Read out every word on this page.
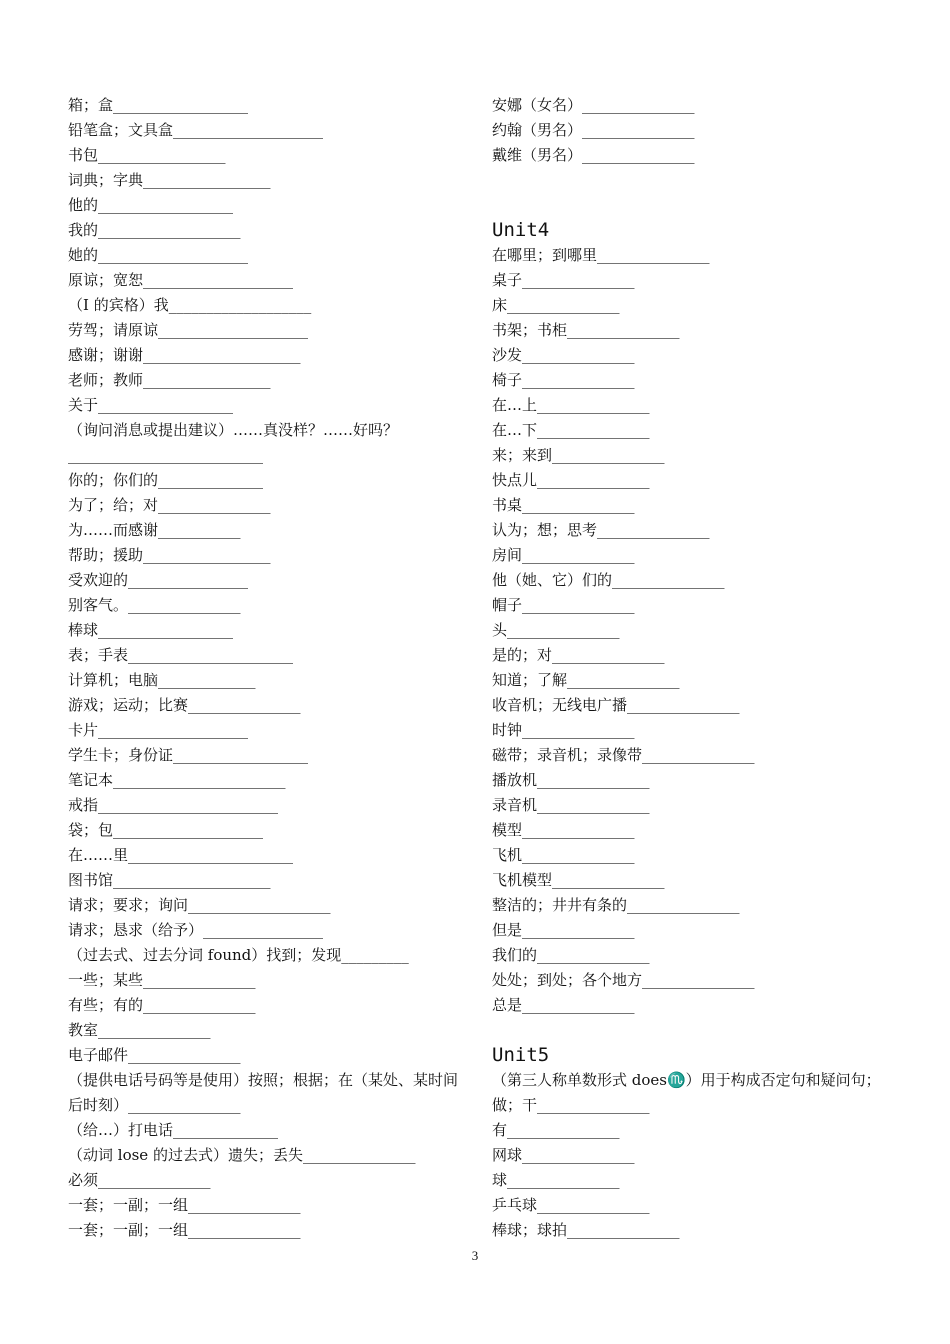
箱；盒__________________
铅笔盒；文具盒____________________
书包_________________
词典；字典_________________
他的__________________
我的___________________
她的____________________
原谅；宽恕____________________
（I 的宾格）我___________________
劳驾；请原谅____________________
感谢；谢谢_____________________
老师；教师_________________
关于__________________
（询问消息或提出建议）……真没样？……好吗？
__________________________
你的；你们的______________
为了；给；对_______________
为……而感谢___________
帮助；援助_________________
受欢迎的________________
别客气。_______________
棒球__________________
表；手表______________________
计算机；电脑_____________
游戏；运动；比赛_______________
卡片____________________
学生卡；身份证__________________
笔记本_______________________
戒指________________________
袋；包____________________
在……里______________________
图书馆_____________________
请求；要求；询问___________________
请求；恳求（给予）________________
（过去式、过去分词 found）找到；发现_________
一些；某些_______________
有些；有的_______________
教室_______________
电子邮件_______________
（提供电话号码等是使用）按照；根据；在（某处、某时间后时刻）_______________
（给…）打电话______________
（动词 lose 的过去式）遗失；丢失_______________
必须_______________
一套；一副；一组_______________
一套；一副；一组_______________
安娜（女名）_______________
约翰（男名）_______________
戴维（男名）_______________
Unit4
在哪里；到哪里_______________
桌子_______________
床_______________
书架；书柜_______________
沙发_______________
椅子_______________
在…上_______________
在…下_______________
来；来到_______________
快点儿_______________
书桌_______________
认为；想；思考_______________
房间_______________
他（她、它）们的_______________
帽子_______________
头_______________
是的；对_______________
知道；了解_______________
收音机；无线电广播_______________
时钟_______________
磁带；录音机；录像带_______________
播放机_______________
录音机_______________
模型_______________
飞机_______________
飞机模型_______________
整洁的；井井有条的_______________
但是_______________
我们的_______________
处处；到处；各个地方_______________
总是_______________
Unit5
（第三人称单数形式 does♏）用于构成否定句和疑问句；做；干_______________
有_______________
网球_______________
球_______________
乒乓球_______________
棒球；球拍_______________
3
